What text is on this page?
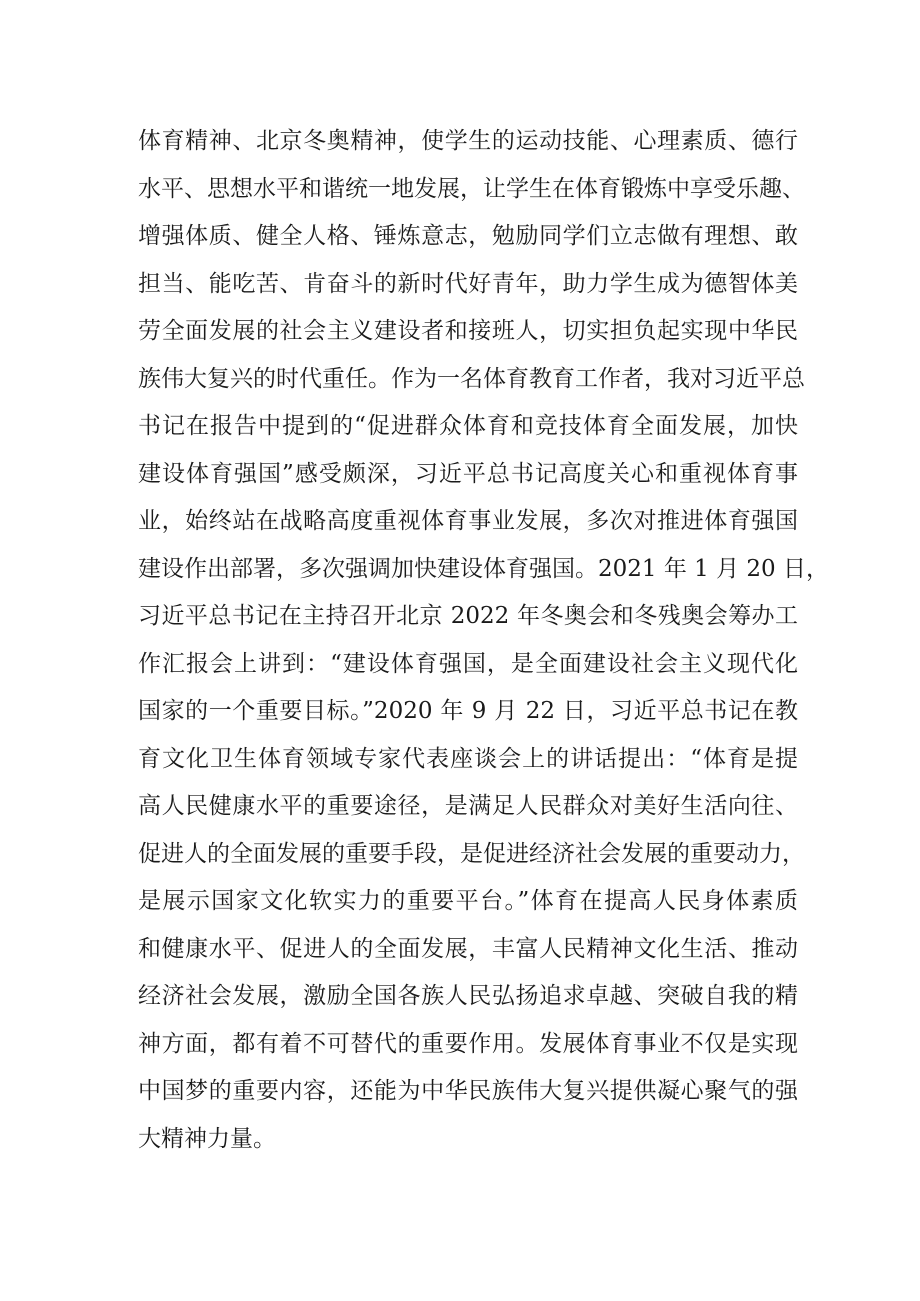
体育精神、北京冬奥精神，使学生的运动技能、心理素质、德行
水平、思想水平和谐统一地发展，让学生在体育锻炼中享受乐趣、
增强体质、健全人格、锤炼意志，勉励同学们立志做有理想、敢
担当、能吃苦、肯奋斗的新时代好青年，助力学生成为德智体美
劳全面发展的社会主义建设者和接班人，切实担负起实现中华民
族伟大复兴的时代重任。作为一名体育教育工作者，我对习近平总
书记在报告中提到的“促进群众体育和竞技体育全面发展，加快
建设体育强国”感受颇深，习近平总书记高度关心和重视体育事
业，始终站在战略高度重视体育事业发展，多次对推进体育强国
建设作出部署，多次强调加快建设体育强国。2021 年 1 月 20 日，
习近平总书记在主持召开北京 2022 年冬奥会和冬残奥会筹办工
作汇报会上讲到：“建设体育强国，是全面建设社会主义现代化
国家的一个重要目标。”2020 年 9 月 22 日，习近平总书记在教
育文化卫生体育领域专家代表座谈会上的讲话提出：“体育是提
高人民健康水平的重要途径，是满足人民群众对美好生活向往、
促进人的全面发展的重要手段，是促进经济社会发展的重要动力，
是展示国家文化软实力的重要平台。”体育在提高人民身体素质
和健康水平、促进人的全面发展，丰富人民精神文化生活、推动
经济社会发展，激励全国各族人民弘扬追求卓越、突破自我的精
神方面，都有着不可替代的重要作用。发展体育事业不仅是实现
中国梦的重要内容，还能为中华民族伟大复兴提供凝心聚气的强
大精神力量。
